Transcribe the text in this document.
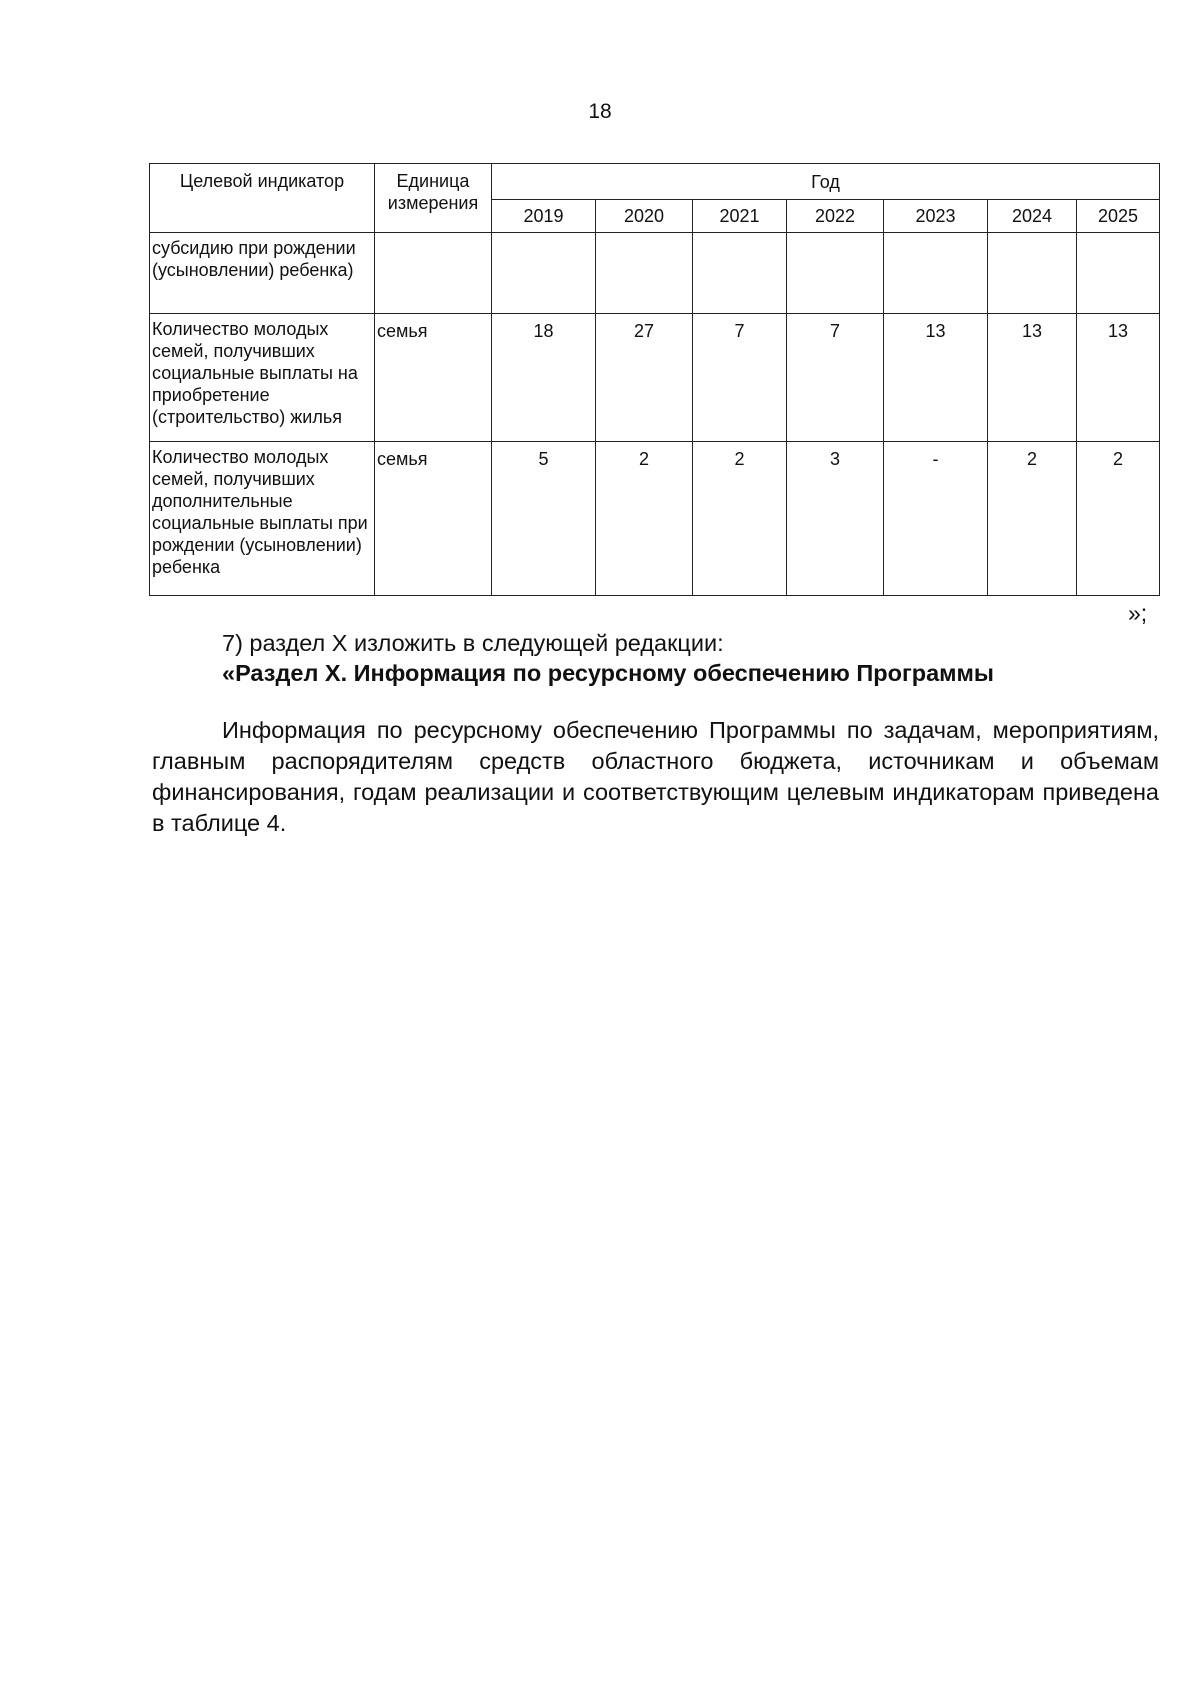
18
Целевой индикатор	Единица измерения	Год						
		2019	2020	2021	2022	2023	2024	2025
субсидию при рождении (усыновлении) ребенка)								
Количество молодых семей, получивших социальные выплаты на приобретение (строительство) жилья	семья	18	27	7	7	13	13	13
Количество молодых семей, получивших дополнительные социальные выплаты при рождении (усыновлении) ребенка	семья	5	2	2	3	-	2	2
»;
7) раздел X изложить в следующей редакции:
«Раздел X. Информация по ресурсному обеспечению Программы
Информация по ресурсному обеспечению Программы по задачам, мероприятиям, главным распорядителям средств областного бюджета, источникам и объемам финансирования, годам реализации и соответствующим целевым индикаторам приведена в таблице 4.
